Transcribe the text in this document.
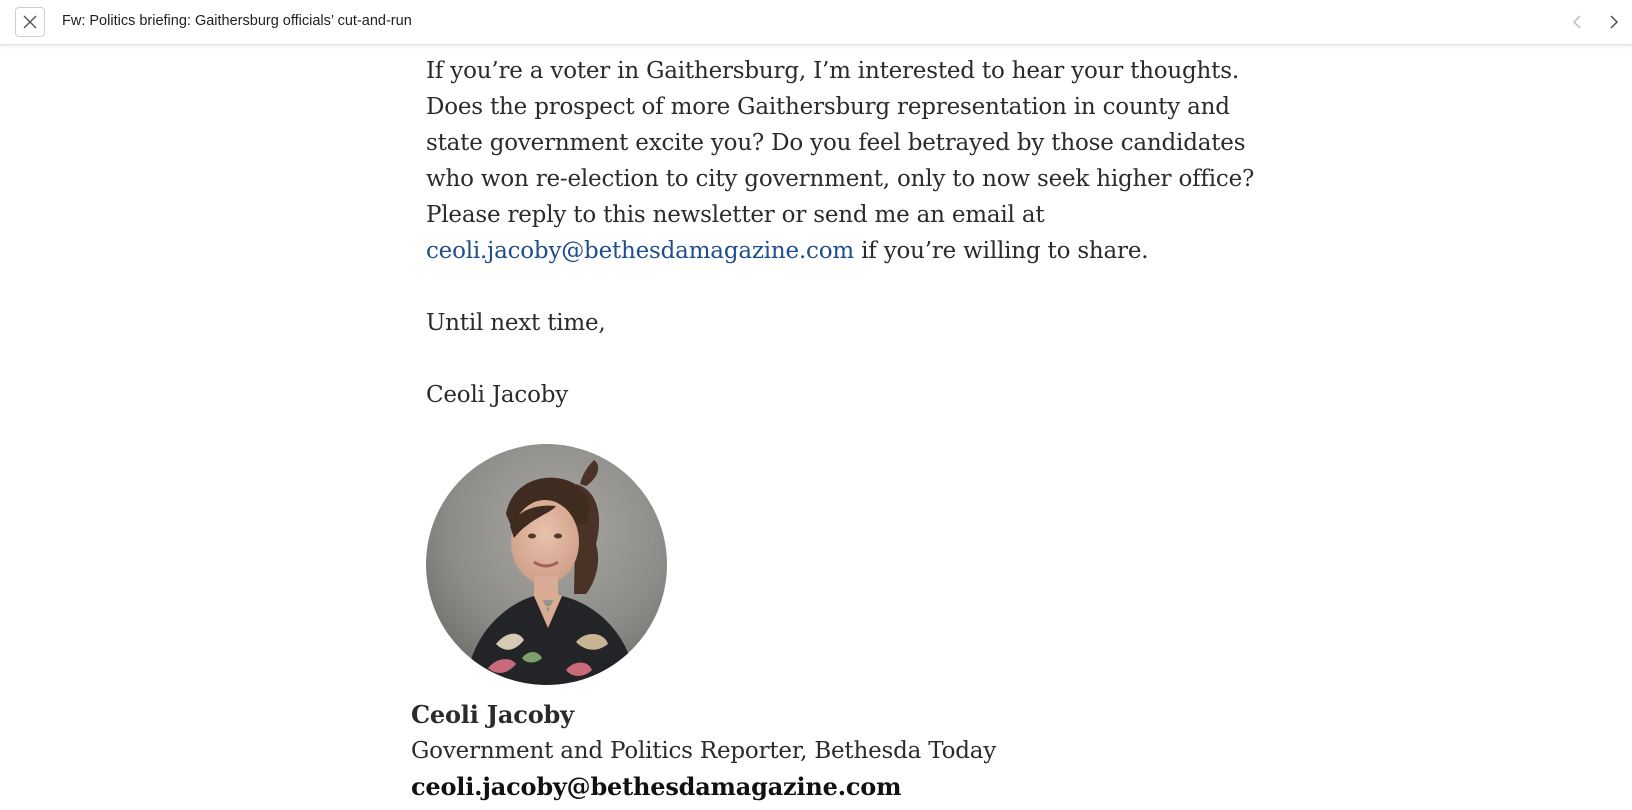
Fw: Politics briefing: Gaithersburg officials’ cut-and-run

If you’re a voter in Gaithersburg, I’m interested to hear your thoughts. Does the prospect of more Gaithersburg representation in county and state government excite you? Do you feel betrayed by those candidates who won re-election to city government, only to now seek higher office? Please reply to this newsletter or send me an email at ceoli.jacoby@bethesdamagazine.com if you’re willing to share.

Until next time,

Ceoli Jacoby

Ceoli Jacoby
Government and Politics Reporter, Bethesda Today
ceoli.jacoby@bethesdamagazine.com
